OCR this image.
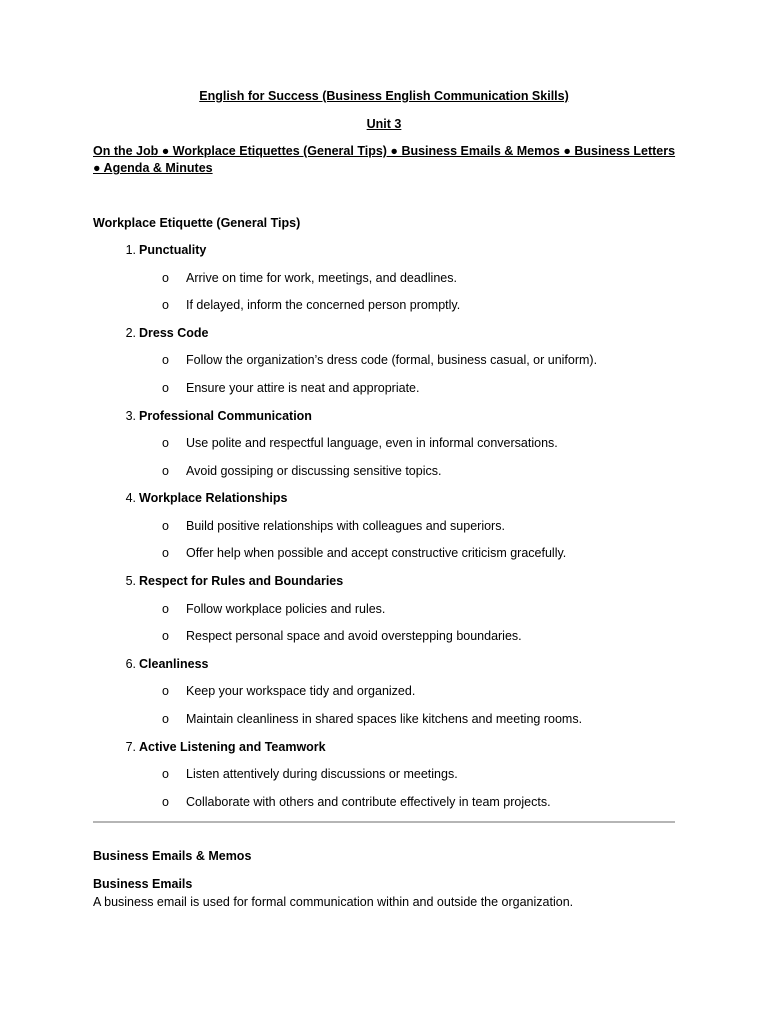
English for Success (Business English Communication Skills)
Unit 3
On the Job ● Workplace Etiquettes (General Tips) ● Business Emails & Memos ● Business Letters ● Agenda & Minutes
Workplace Etiquette (General Tips)
1. Punctuality
o Arrive on time for work, meetings, and deadlines.
o If delayed, inform the concerned person promptly.
2. Dress Code
o Follow the organization’s dress code (formal, business casual, or uniform).
o Ensure your attire is neat and appropriate.
3. Professional Communication
o Use polite and respectful language, even in informal conversations.
o Avoid gossiping or discussing sensitive topics.
4. Workplace Relationships
o Build positive relationships with colleagues and superiors.
o Offer help when possible and accept constructive criticism gracefully.
5. Respect for Rules and Boundaries
o Follow workplace policies and rules.
o Respect personal space and avoid overstepping boundaries.
6. Cleanliness
o Keep your workspace tidy and organized.
o Maintain cleanliness in shared spaces like kitchens and meeting rooms.
7. Active Listening and Teamwork
o Listen attentively during discussions or meetings.
o Collaborate with others and contribute effectively in team projects.
Business Emails & Memos
Business Emails
A business email is used for formal communication within and outside the organization.
